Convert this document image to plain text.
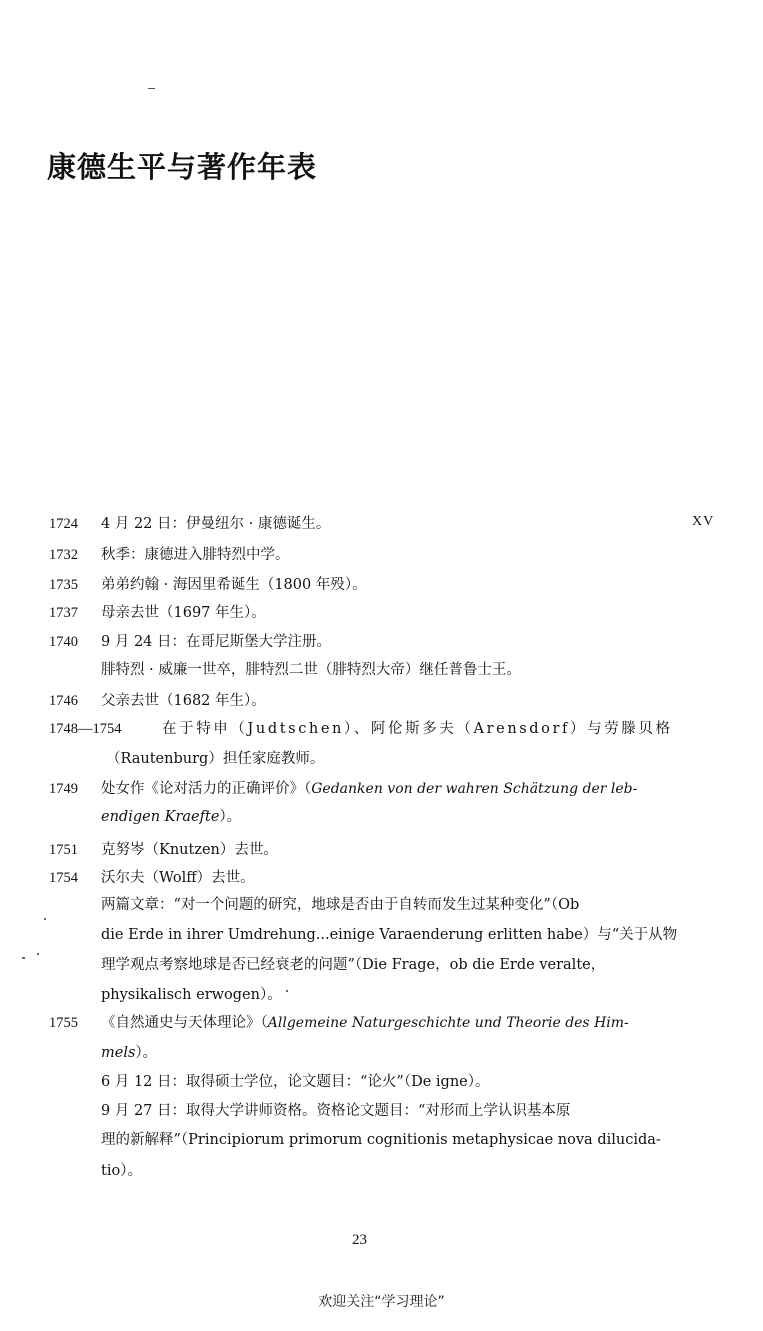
康德生平与著作年表
XV
1724 4 月 22 日：伊曼纽尔 · 康德诞生。
1732 秋季：康德进入腓特烈中学。
1735 弟弟约翰 · 海因里希诞生（1800 年殁）。
1737 母亲去世（1697 年生）。
1740 9 月 24 日：在哥尼斯堡大学注册。
腓特烈 · 威廉一世卒，腓特烈二世（腓特烈大帝）继任普鲁士王。
1746 父亲去世（1682 年生）。
1748—1754	在于特申（Judtschen）、阿伦斯多夫（Arensdorf）与劳滕贝格
（Rautenburg）担任家庭教师。
1749 处女作《论对活力的正确评价》（Gedanken von der wahren Schätzung der leb-
endigen Kraefte）。
1751 克努岑（Knutzen）去世。
1754 沃尔夫（Wolff）去世。
两篇文章：“对一个问题的研究，地球是否由于自转而发生过某种变化”（Ob
die Erde in ihrer Umdrehung...einige Varaenderung erlitten habe）与“关于从物
理学观点考察地球是否已经衰老的问题”（Die Frage，ob die Erde veralte，
physikalisch erwogen）。
1755 《自然通史与天体理论》（Allgemeine Naturgeschichte und Theorie des Him-
mels）。
6 月 12 日：取得硕士学位，论文题目：“论火”（De igne）。
9 月 27 日：取得大学讲师资格。资格论文题目：“对形而上学认识基本原
理的新解释”（Principiorum primorum cognitionis metaphysicae nova dilucida-
tio）。
23
欢迎关注“学习理论”
